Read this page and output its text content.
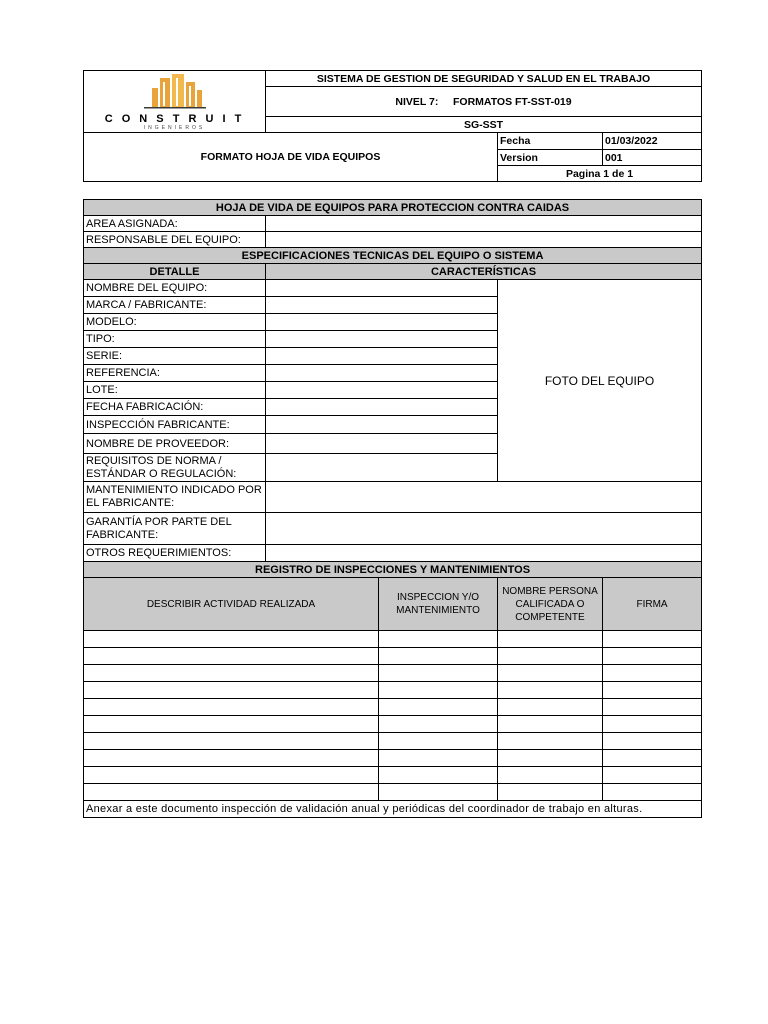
C O N S T R U I T
INGENIEROS	SISTEMA DE GESTION DE SEGURIDAD Y SALUD EN EL TRABAJO		
	NIVEL 7: FORMATOS FT-SST-019		
	SG-SST		
FORMATO HOJA DE VIDA EQUIPOS		Fecha	01/03/2022
		Version	001
		Pagina 1 de 1	
HOJA DE VIDA DE EQUIPOS PARA PROTECCION CONTRA CAIDAS				
AREA ASIGNADA:				
RESPONSABLE DEL EQUIPO:				
ESPECIFICACIONES TECNICAS DEL EQUIPO O SISTEMA				
DETALLE	CARACTERÍSTICAS			
NOMBRE DEL EQUIPO:			FOTO DEL EQUIPO	
MARCA / FABRICANTE:				
MODELO:				
TIPO:				
SERIE:				
REFERENCIA:				
LOTE:				
FECHA FABRICACIÓN:				
INSPECCIÓN FABRICANTE:				
NOMBRE DE PROVEEDOR:				
REQUISITOS DE NORMA / ESTÁNDAR O REGULACIÓN:				
MANTENIMIENTO INDICADO POR EL FABRICANTE:				
GARANTÍA POR PARTE DEL FABRICANTE:				
OTROS REQUERIMIENTOS:				
REGISTRO DE INSPECCIONES Y MANTENIMIENTOS				
DESCRIBIR ACTIVIDAD REALIZADA		INSPECCION Y/O MANTENIMIENTO	NOMBRE PERSONA CALIFICADA O COMPETENTE	FIRMA

Anexar a este documento inspección de validación anual y periódicas del coordinador de trabajo en alturas.				
